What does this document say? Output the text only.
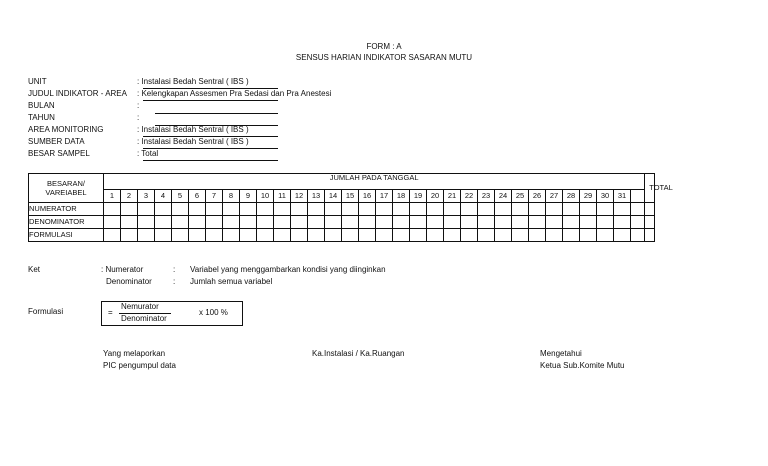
FORM : A
SENSUS HARIAN INDIKATOR SASARAN MUTU
UNIT	: Instalasi Bedah Sentral ( IBS )
JUDUL INDIKATOR - AREA : Kelengkapan Assesmen Pra Sedasi dan Pra Anestesi
BULAN	:
TAHUN	:
AREA MONITORING	: Instalasi Bedah Sentral ( IBS )
SUMBER DATA	: Instalasi Bedah Sentral ( IBS )
BESAR SAMPEL	: Total
BESARAN/
VAREIABEL	JUMLAH PADA TANGGAL																																TOTAL
	1	2	3	4	5	6	7	8	9	10	11	12	13	14	15	16	17	18	19	20	21	22	23	24	25	26	27	28	29	30	31		
NUMERATOR																																	
DENOMINATOR																																	
FORMULASI																																	
Ket	: Numerator	: Variabel yang menggambarkan kondisi yang diinginkan
Denominator	: Jumlah semua variabel
Formulasi	=
Nemurator
Denominator
x 100 %
Yang melaporkan
PIC pengumpul data
Ka.Instalasi / Ka.Ruangan	Mengetahui
Ketua Sub.Komite Mutu
